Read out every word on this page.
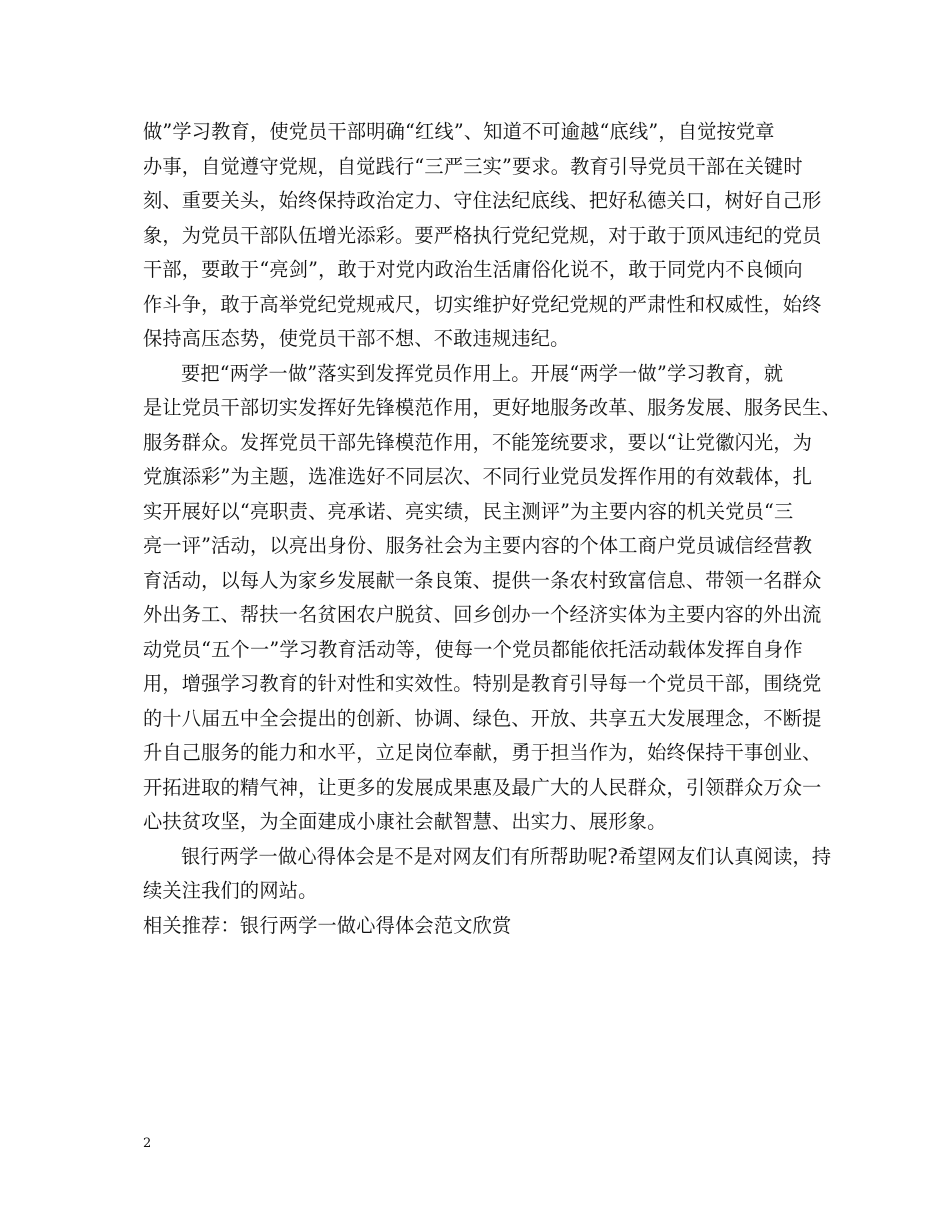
做”学习教育，使党员干部明确“红线”、知道不可逾越“底线”，自觉按党章
办事，自觉遵守党规，自觉践行“三严三实”要求。教育引导党员干部在关键时
刻、重要关头，始终保持政治定力、守住法纪底线、把好私德关口，树好自己形
象，为党员干部队伍增光添彩。要严格执行党纪党规，对于敢于顶风违纪的党员
干部，要敢于“亮剑”，敢于对党内政治生活庸俗化说不，敢于同党内不良倾向
作斗争，敢于高举党纪党规戒尺，切实维护好党纪党规的严肃性和权威性，始终
保持高压态势，使党员干部不想、不敢违规违纪。
要把“两学一做”落实到发挥党员作用上。开展“两学一做”学习教育，就
是让党员干部切实发挥好先锋模范作用，更好地服务改革、服务发展、服务民生、
服务群众。发挥党员干部先锋模范作用，不能笼统要求，要以“让党徽闪光，为
党旗添彩”为主题，选准选好不同层次、不同行业党员发挥作用的有效载体，扎
实开展好以“亮职责、亮承诺、亮实绩，民主测评”为主要内容的机关党员“三
亮一评”活动，以亮出身份、服务社会为主要内容的个体工商户党员诚信经营教
育活动，以每人为家乡发展献一条良策、提供一条农村致富信息、带领一名群众
外出务工、帮扶一名贫困农户脱贫、回乡创办一个经济实体为主要内容的外出流
动党员“五个一”学习教育活动等，使每一个党员都能依托活动载体发挥自身作
用，增强学习教育的针对性和实效性。特别是教育引导每一个党员干部，围绕党
的十八届五中全会提出的创新、协调、绿色、开放、共享五大发展理念，不断提
升自己服务的能力和水平，立足岗位奉献，勇于担当作为，始终保持干事创业、
开拓进取的精气神，让更多的发展成果惠及最广大的人民群众，引领群众万众一
心扶贫攻坚，为全面建成小康社会献智慧、出实力、展形象。
银行两学一做心得体会是不是对网友们有所帮助呢?希望网友们认真阅读，持
续关注我们的网站。
相关推荐：银行两学一做心得体会范文欣赏
2
